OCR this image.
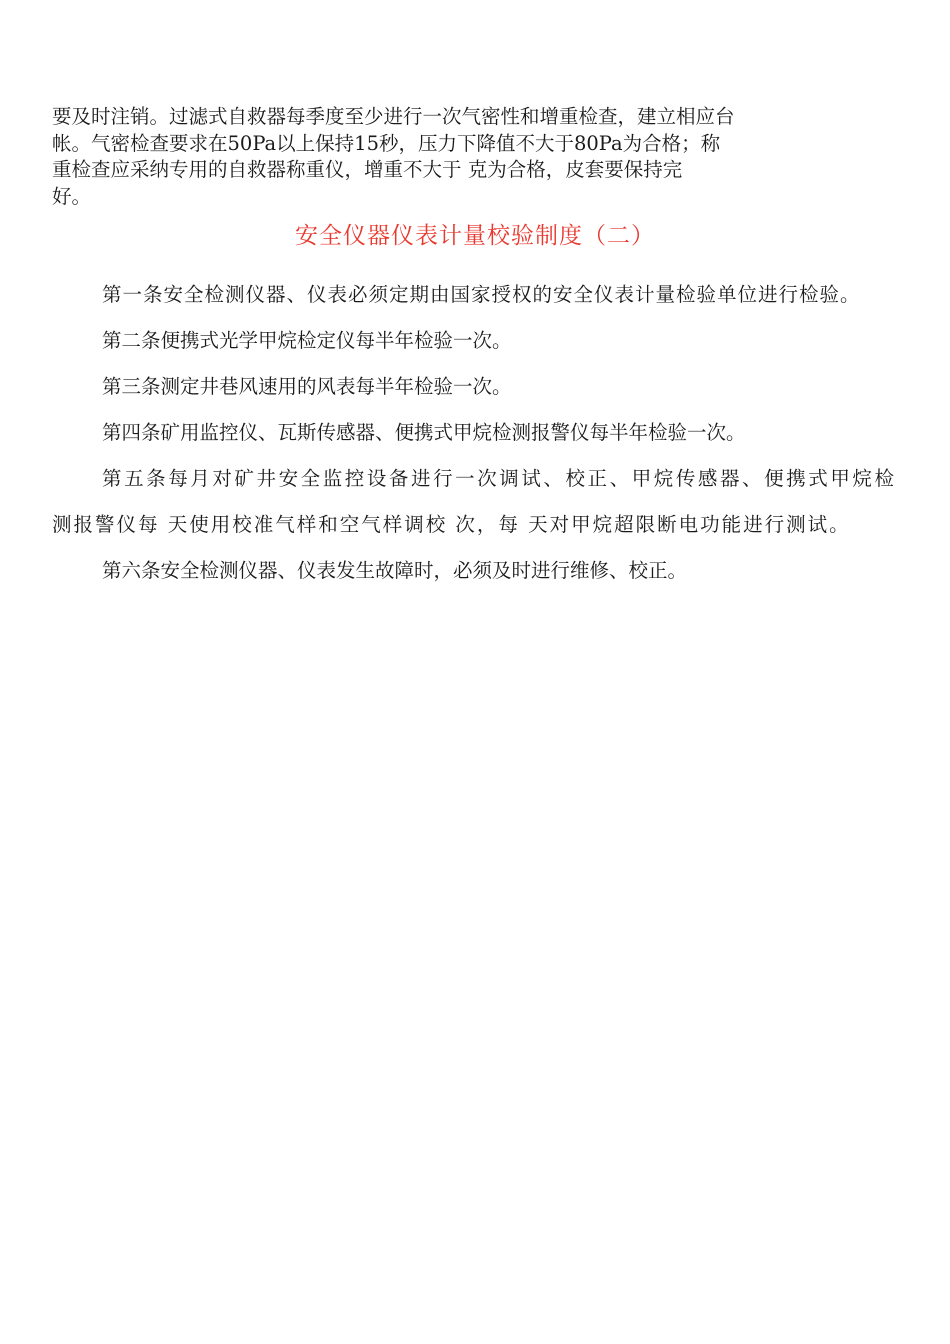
要及时注销。过滤式自救器每季度至少进行一次气密性和增重检查，建立相应台
帐。气密检查要求在50Pa以上保持15秒，压力下降值不大于80Pa为合格；称
重检查应采纳专用的自救器称重仪，增重不大于 克为合格，皮套要保持完
好。
安全仪器仪表计量校验制度（二）

第一条安全检测仪器、仪表必须定期由国家授权的安全仪表计量检验单位进行检验。

第二条便携式光学甲烷检定仪每半年检验一次。

第三条测定井巷风速用的风表每半年检验一次。

第四条矿用监控仪、瓦斯传感器、便携式甲烷检测报警仪每半年检验一次。

第五条每月对矿井安全监控设备进行一次调试、校正、甲烷传感器、便携式甲烷检测报警仪每 天使用校准气样和空气样调校 次，每 天对甲烷超限断电功能进行测试。

第六条安全检测仪器、仪表发生故障时，必须及时进行维修、校正。
